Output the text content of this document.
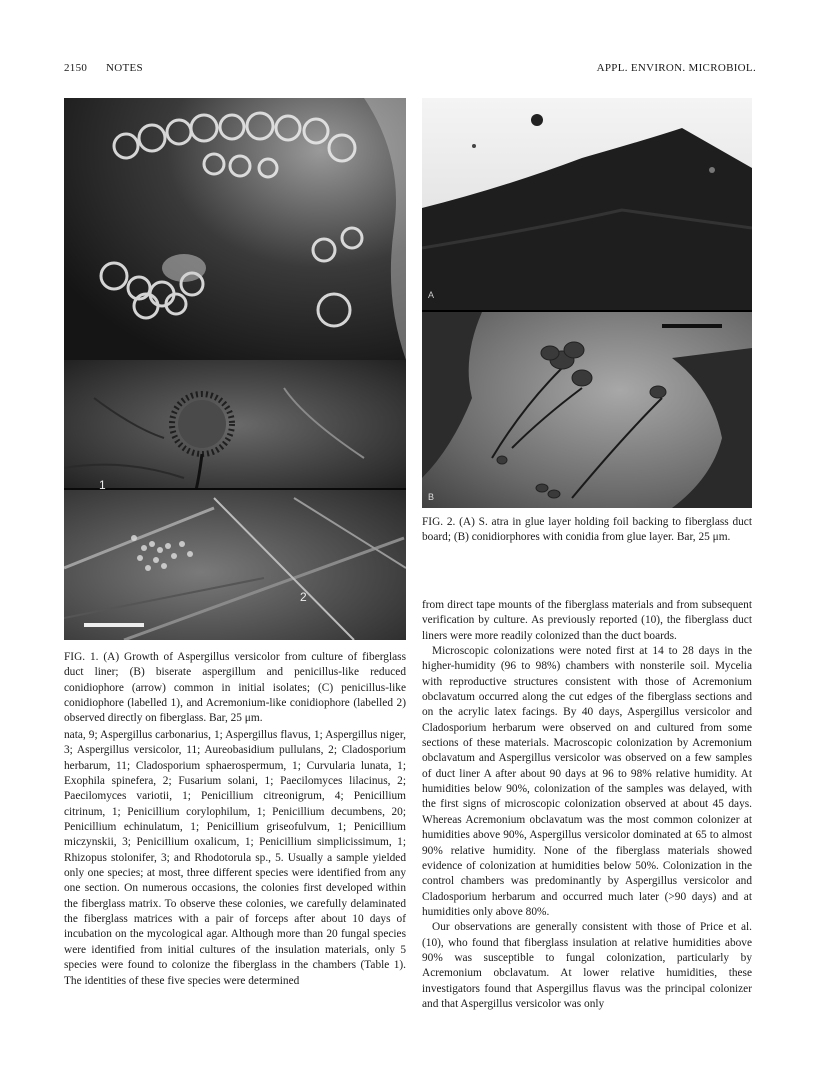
2150 NOTES	APPL. ENVIRON. MICROBIOL.
1
2
FIG. 1. (A) Growth of Aspergillus versicolor from culture of fiberglass duct liner; (B) biserate aspergillum and penicillus-like reduced conidiophore (arrow) common in initial isolates; (C) penicillus-like conidiophore (labelled 1), and Acremonium-like conidiophore (labelled 2) observed directly on fiberglass. Bar, 25 μm.
A
B
FIG. 2. (A) S. atra in glue layer holding foil backing to fiberglass duct board; (B) conidiorphores with conidia from glue layer. Bar, 25 μm.

nata, 9; Aspergillus carbonarius, 1; Aspergillus flavus, 1; Aspergillus niger, 3; Aspergillus versicolor, 11; Aureobasidium pullulans, 2; Cladosporium herbarum, 11; Cladosporium sphaerospermum, 1; Curvularia lunata, 1; Exophila spinefera, 2; Fusarium solani, 1; Paecilomyces lilacinus, 2; Paecilomyces variotii, 1; Penicillium citreonigrum, 4; Penicillium citrinum, 1; Penicillium corylophilum, 1; Penicillium decumbens, 20; Penicillium echinulatum, 1; Penicillium griseofulvum, 1; Penicillium miczynskii, 3; Penicillium oxalicum, 1; Penicillium simplicissimum, 1; Rhizopus stolonifer, 3; and Rhodotorula sp., 5. Usually a sample yielded only one species; at most, three different species were identified from any one section. On numerous occasions, the colonies first developed within the fiberglass matrix. To observe these colonies, we carefully delaminated the fiberglass matrices with a pair of forceps after about 10 days of incubation on the mycological agar. Although more than 20 fungal species were identified from initial cultures of the insulation materials, only 5 species were found to colonize the fiberglass in the chambers (Table 1). The identities of these five species were determined

from direct tape mounts of the fiberglass materials and from subsequent verification by culture. As previously reported (10), the fiberglass duct liners were more readily colonized than the duct boards.

Microscopic colonizations were noted first at 14 to 28 days in the higher-humidity (96 to 98%) chambers with nonsterile soil. Mycelia with reproductive structures consistent with those of Acremonium obclavatum occurred along the cut edges of the fiberglass sections and on the acrylic latex facings. By 40 days, Aspergillus versicolor and Cladosporium herbarum were observed on and cultured from some sections of these materials. Macroscopic colonization by Acremonium obclavatum and Aspergillus versicolor was observed on a few samples of duct liner A after about 90 days at 96 to 98% relative humidity. At humidities below 90%, colonization of the samples was delayed, with the first signs of microscopic colonization observed at about 45 days. Whereas Acremonium obclavatum was the most common colonizer at humidities above 90%, Aspergillus versicolor dominated at 65 to almost 90% relative humidity. None of the fiberglass materials showed evidence of colonization at humidities below 50%. Colonization in the control chambers was predominantly by Aspergillus versicolor and Cladosporium herbarum and occurred much later (>90 days) and at humidities only above 80%.

Our observations are generally consistent with those of Price et al. (10), who found that fiberglass insulation at relative humidities above 90% was susceptible to fungal colonization, particularly by Acremonium obclavatum. At lower relative humidities, these investigators found that Aspergillus flavus was the principal colonizer and that Aspergillus versicolor was only
